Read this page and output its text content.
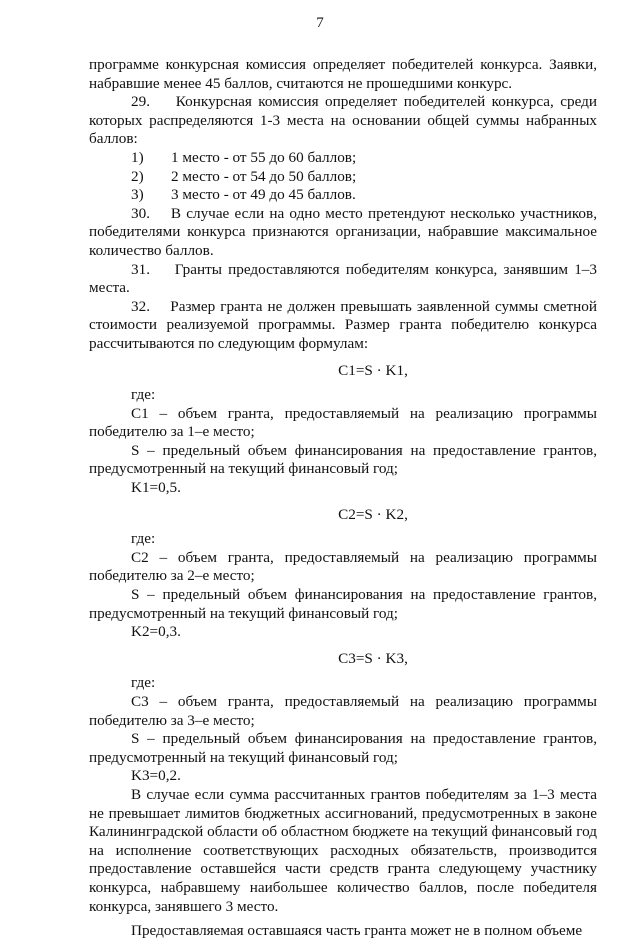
7

программе конкурсная комиссия определяет победителей конкурса. Заявки, набравшие менее 45 баллов, считаются не прошедшими конкурс.

29.    Конкурсная комиссия определяет победителей конкурса, среди которых распределяются 1-3 места на основании общей суммы набранных баллов:

1)	1 место - от 55 до 60 баллов;
2)	2 место - от 54 до 50 баллов;
3)	3 место - от 49 до 45 баллов.

30.    В случае если на одно место претендуют несколько участников, победителями конкурса признаются организации, набравшие максимальное количество баллов.

31.    Гранты предоставляются победителям конкурса, занявшим 1–3 места.

32.    Размер гранта не должен превышать заявленной суммы сметной стоимости реализуемой программы. Размер гранта победителю конкурса рассчитываются по следующим формулам:

С1=S · K1,

где:

С1 – объем гранта, предоставляемый на реализацию программы победителю за 1–е место;

S – предельный объем финансирования на предоставление грантов, предусмотренный на текущий финансовый год;

K1=0,5.

С2=S · K2,

где:

С2 – объем гранта, предоставляемый на реализацию программы победителю за 2–е место;

S – предельный объем финансирования на предоставление грантов, предусмотренный на текущий финансовый год;

K2=0,3.

С3=S · K3,

где:

С3 – объем гранта, предоставляемый на реализацию программы победителю за 3–е место;

S – предельный объем финансирования на предоставление грантов, предусмотренный на текущий финансовый год;

K3=0,2.

В случае если сумма рассчитанных грантов победителям за 1–3 места не превышает лимитов бюджетных ассигнований, предусмотренных в законе Калининградской области об областном бюджете на текущий финансовый год на исполнение соответствующих расходных обязательств, производится предоставление оставшейся части средств гранта следующему участнику конкурса, набравшему наибольшее количество баллов, после победителя конкурса, занявшего 3 место.

Предоставляемая оставшаяся часть гранта может не в полном объеме
